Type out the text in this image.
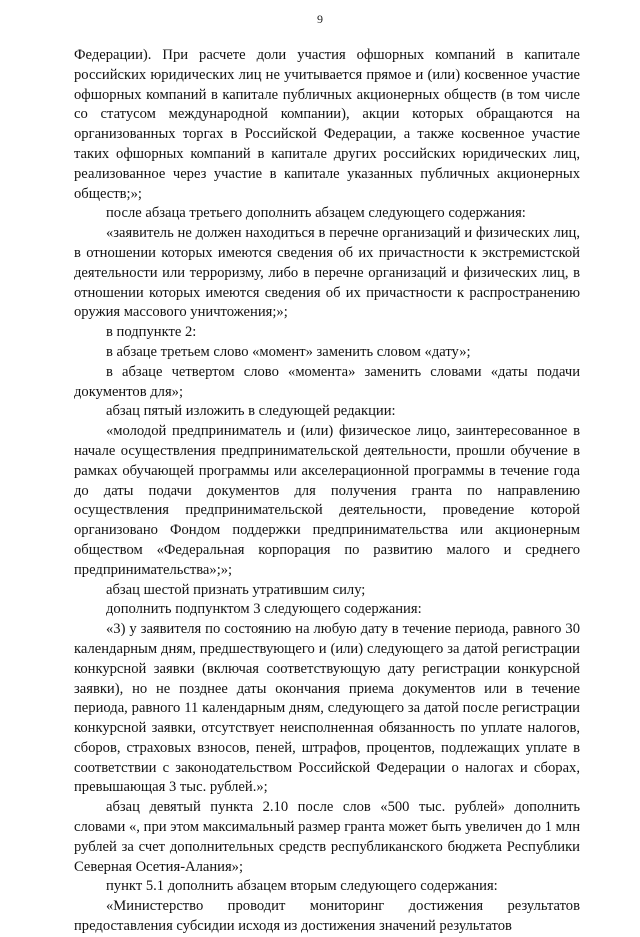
9

Федерации). При расчете доли участия офшорных компаний в капитале российских юридических лиц не учитывается прямое и (или) косвенное участие офшорных компаний в капитале публичных акционерных обществ (в том числе со статусом международной компании), акции которых обращаются на организованных торгах в Российской Федерации, а также косвенное участие таких офшорных компаний в капитале других российских юридических лиц, реализованное через участие в капитале указанных публичных акционерных обществ;»;

после абзаца третьего дополнить абзацем следующего содержания:

«заявитель не должен находиться в перечне организаций и физических лиц, в отношении которых имеются сведения об их причастности к экстремистской деятельности или терроризму, либо в перечне организаций и физических лиц, в отношении которых имеются сведения об их причастности к распространению оружия массового уничтожения;»;

в подпункте 2:

в абзаце третьем слово «момент» заменить словом «дату»;

в абзаце четвертом слово «момента» заменить словами «даты подачи документов для»;

абзац пятый изложить в следующей редакции:

«молодой предприниматель и (или) физическое лицо, заинтересованное в начале осуществления предпринимательской деятельности, прошли обучение в рамках обучающей программы или акселерационной программы в течение года до даты подачи документов для получения гранта по направлению осуществления предпринимательской деятельности, проведение которой организовано Фондом поддержки предпринимательства или акционерным обществом «Федеральная корпорация по развитию малого и среднего предпринимательства»;»;

абзац шестой признать утратившим силу;

дополнить подпунктом 3 следующего содержания:

«3) у заявителя по состоянию на любую дату в течение периода, равного 30 календарным дням, предшествующего и (или) следующего за датой регистрации конкурсной заявки (включая соответствующую дату регистрации конкурсной заявки), но не позднее даты окончания приема документов или в течение периода, равного 11 календарным дням, следующего за датой после регистрации конкурсной заявки, отсутствует неисполненная обязанность по уплате налогов, сборов, страховых взносов, пеней, штрафов, процентов, подлежащих уплате в соответствии с законодательством Российской Федерации о налогах и сборах, превышающая 3 тыс. рублей.»;

абзац девятый пункта 2.10 после слов «500 тыс. рублей» дополнить словами «, при этом максимальный размер гранта может быть увеличен до 1 млн рублей за счет дополнительных средств республиканского бюджета Республики Северная Осетия-Алания»;

пункт 5.1 дополнить абзацем вторым следующего содержания:

«Министерство проводит мониторинг достижения результатов предоставления субсидии исходя из достижения значений результатов
